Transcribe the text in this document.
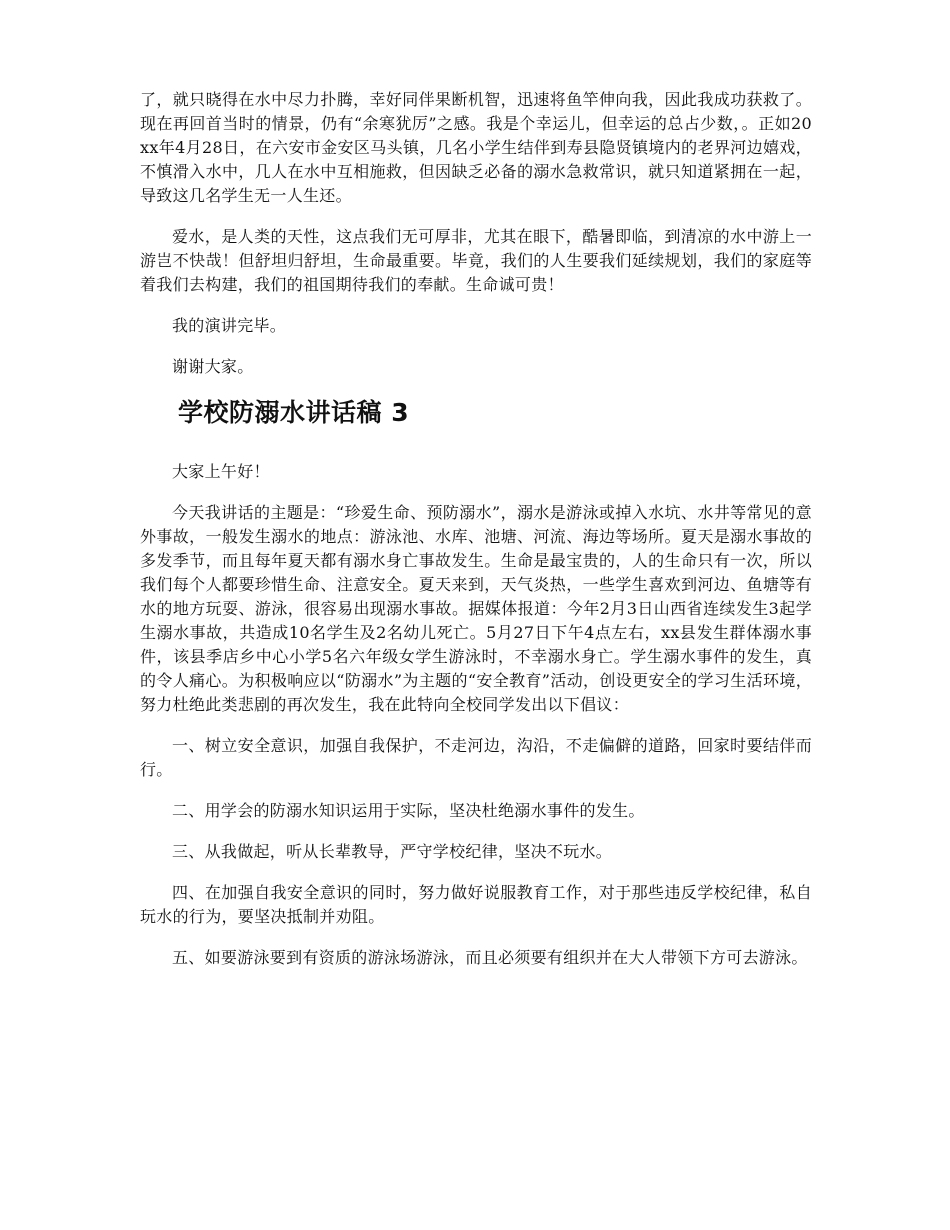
了，就只晓得在水中尽力扑腾，幸好同伴果断机智，迅速将鱼竿伸向我，因此我成功获救了。现在再回首当时的情景，仍有“余寒犹厉”之感。我是个幸运儿，但幸运的总占少数，。正如20xx年4月28日，在六安市金安区马头镇，几名小学生结伴到寿县隐贤镇境内的老界河边嬉戏，不慎滑入水中，几人在水中互相施救，但因缺乏必备的溺水急救常识，就只知道紧拥在一起，导致这几名学生无一人生还。

爱水，是人类的天性，这点我们无可厚非，尤其在眼下，酷暑即临，到清凉的水中游上一游岂不快哉！但舒坦归舒坦，生命最重要。毕竟，我们的人生要我们延续规划，我们的家庭等着我们去构建，我们的祖国期待我们的奉献。生命诚可贵！

我的演讲完毕。

谢谢大家。

学校防溺水讲话稿 3

大家上午好！

今天我讲话的主题是：“珍爱生命、预防溺水”，溺水是游泳或掉入水坑、水井等常见的意外事故，一般发生溺水的地点：游泳池、水库、池塘、河流、海边等场所。夏天是溺水事故的多发季节，而且每年夏天都有溺水身亡事故发生。生命是最宝贵的，人的生命只有一次，所以我们每个人都要珍惜生命、注意安全。夏天来到，天气炎热，一些学生喜欢到河边、鱼塘等有水的地方玩耍、游泳，很容易出现溺水事故。据媒体报道：今年2月3日山西省连续发生3起学生溺水事故，共造成10名学生及2名幼儿死亡。5月27日下午4点左右，xx县发生群体溺水事件，该县季店乡中心小学5名六年级女学生游泳时，不幸溺水身亡。学生溺水事件的发生，真的令人痛心。为积极响应以“防溺水”为主题的“安全教育”活动，创设更安全的学习生活环境，努力杜绝此类悲剧的再次发生，我在此特向全校同学发出以下倡议：

一、树立安全意识，加强自我保护，不走河边，沟沿，不走偏僻的道路，回家时要结伴而行。

二、用学会的防溺水知识运用于实际，坚决杜绝溺水事件的发生。

三、从我做起，听从长辈教导，严守学校纪律，坚决不玩水。

四、在加强自我安全意识的同时，努力做好说服教育工作，对于那些违反学校纪律，私自玩水的行为，要坚决抵制并劝阻。

五、如要游泳要到有资质的游泳场游泳，而且必须要有组织并在大人带领下方可去游泳。
